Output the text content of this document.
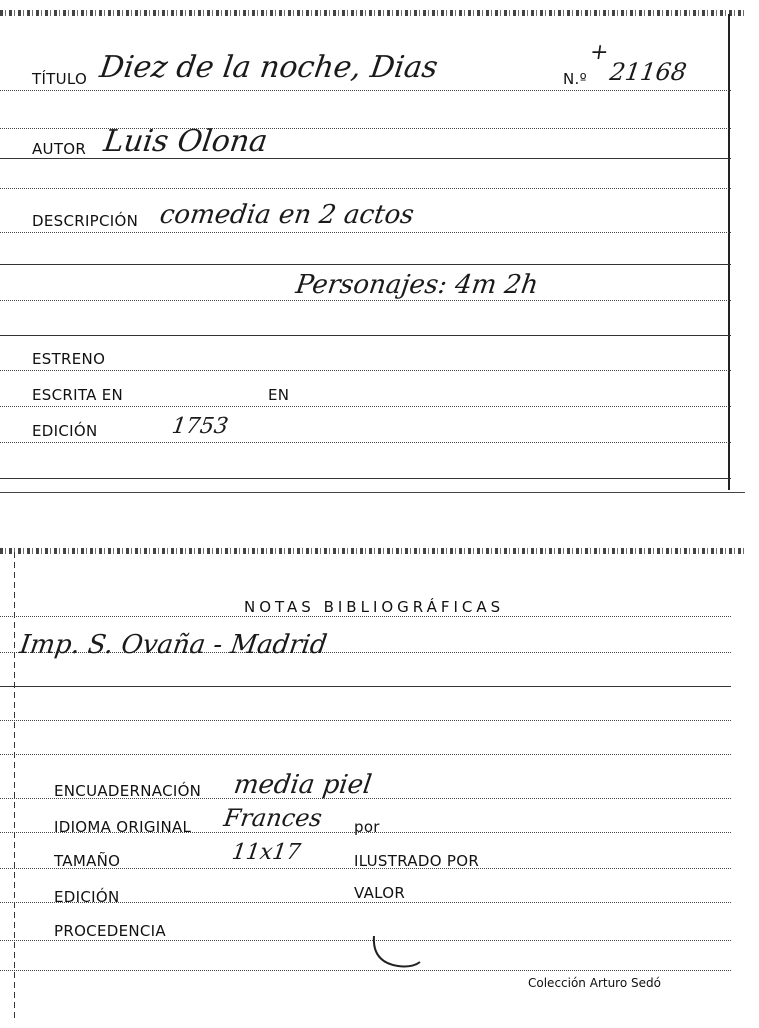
TÍTULO Diez de la noche, Dias	N.º
+
21168
AUTOR Luis Olona
DESCRIPCIÓN comedia en 2 actos
Personajes: 4m 2h
ESTRENO
ESCRITA EN	EN
EDICIÓN	1753
NOTAS BIBLIOGRÁFICAS
Imp. S. Ovaña - Madrid
ENCUADERNACIÓN media piel
IDIOMA ORIGINAL Frances por
TAMAÑO	11x17	ILUSTRADO POR
EDICIÓN	VALOR
PROCEDENCIA
Colección Arturo Sedó
